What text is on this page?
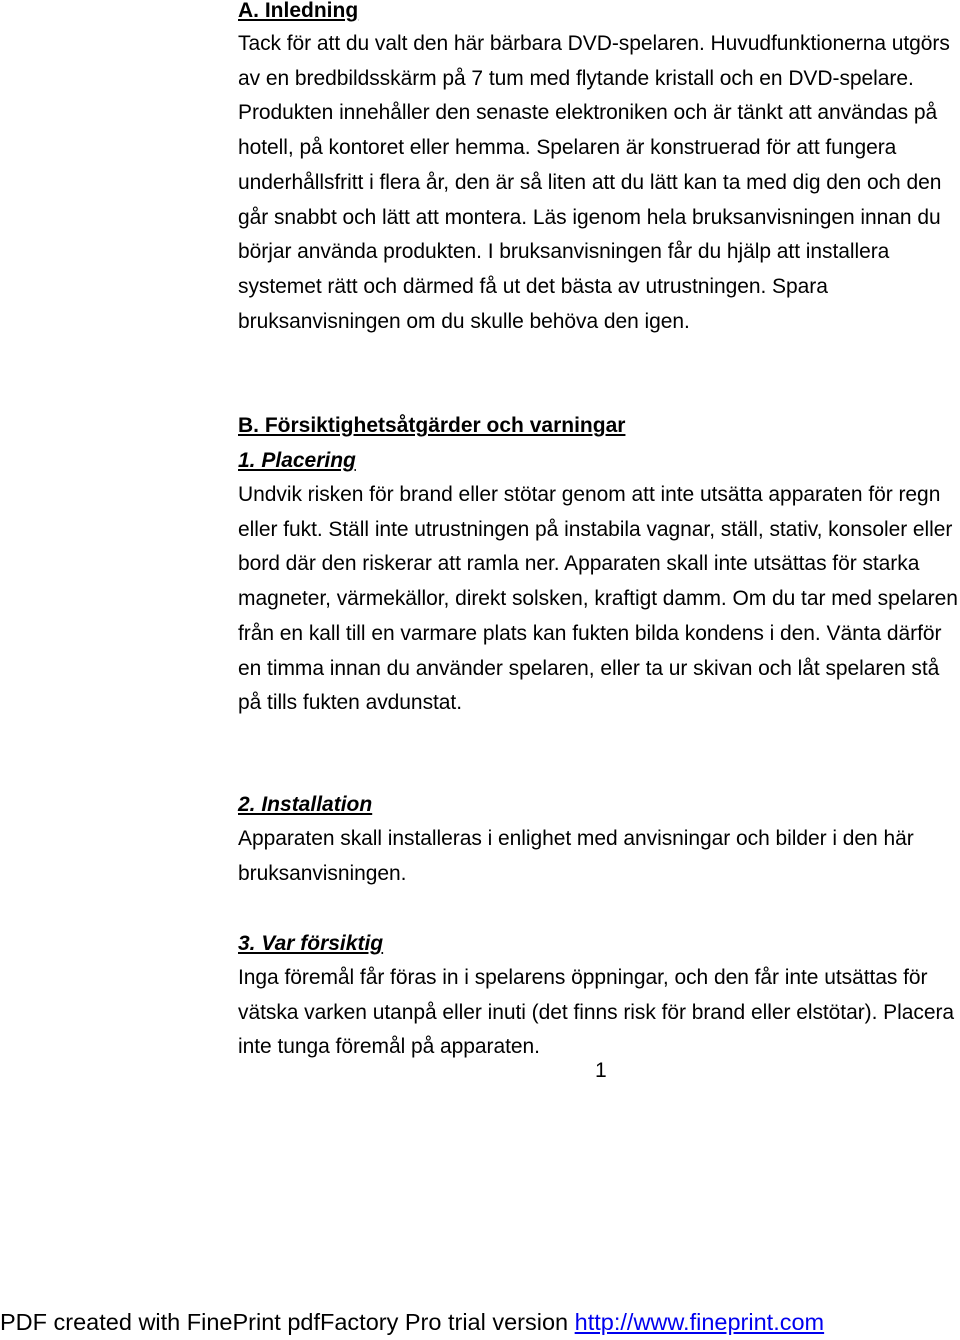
A. Inledning

Tack för att du valt den här bärbara DVD-spelaren. Huvudfunktionerna utgörs av en bredbildsskärm på 7 tum med flytande kristall och en DVD-spelare. Produkten innehåller den senaste elektroniken och är tänkt att användas på hotell, på kontoret eller hemma. Spelaren är konstruerad för att fungera underhållsfritt i flera år, den är så liten att du lätt kan ta med dig den och den går snabbt och lätt att montera. Läs igenom hela bruksanvisningen innan du börjar använda produkten. I bruksanvisningen får du hjälp att installera systemet rätt och därmed få ut det bästa av utrustningen. Spara bruksanvisningen om du skulle behöva den igen.

B. Försiktighetsåtgärder och varningar
1. Placering

Undvik risken för brand eller stötar genom att inte utsätta apparaten för regn eller fukt. Ställ inte utrustningen på instabila vagnar, ställ, stativ, konsoler eller bord där den riskerar att ramla ner. Apparaten skall inte utsättas för starka magneter, värmekällor, direkt solsken, kraftigt damm. Om du tar med spelaren från en kall till en varmare plats kan fukten bilda kondens i den. Vänta därför en timma innan du använder spelaren, eller ta ur skivan och låt spelaren stå på tills fukten avdunstat.

2. Installation

Apparaten skall installeras i enlighet med anvisningar och bilder i den här bruksanvisningen.

3. Var försiktig

Inga föremål får föras in i spelarens öppningar, och den får inte utsättas för vätska varken utanpå eller inuti (det finns risk för brand eller elstötar). Placera inte tunga föremål på apparaten.

1
PDF created with FinePrint pdfFactory Pro trial version http://www.fineprint.com
